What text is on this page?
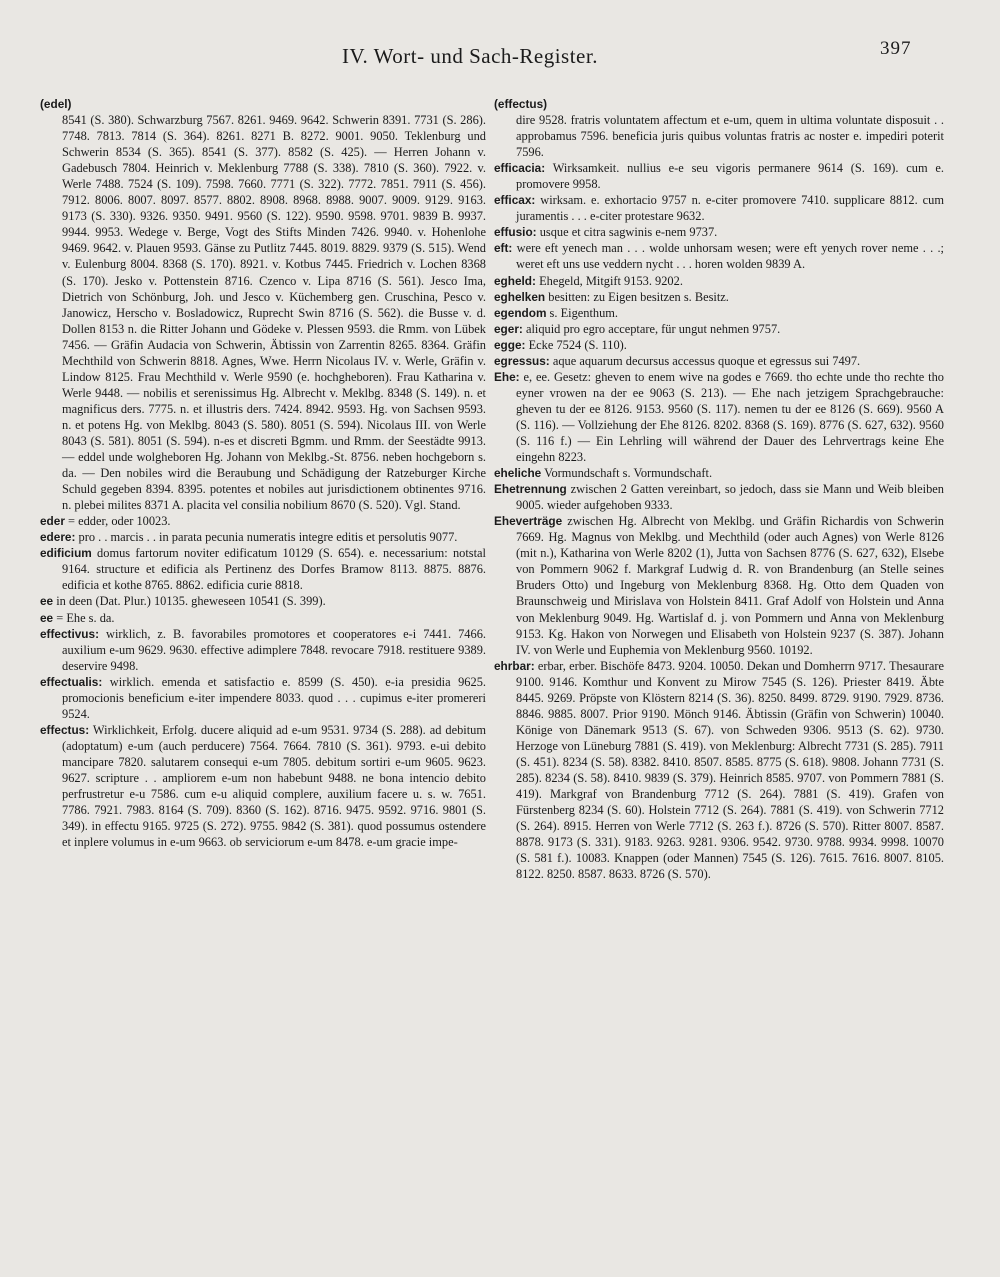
IV. Wort- und Sach-Register.	397

(edel)
8541 (S. 380). Schwarzburg 7567. 8261. 9469. 9642. Schwerin 8391. 7731 (S. 286). 7748. 7813. 7814 (S. 364). 8261. 8271 B. 8272. 9001. 9050. Teklenburg und Schwerin 8534 (S. 365). 8541 (S. 377). 8582 (S. 425). — Herren Johann v. Gadebusch 7804. Heinrich v. Meklenburg 7788 (S. 338). 7810 (S. 360). 7922. v. Werle 7488. 7524 (S. 109). 7598. 7660. 7771 (S. 322). 7772. 7851. 7911 (S. 456). 7912. 8006. 8007. 8097. 8577. 8802. 8908. 8968. 8988. 9007. 9009. 9129. 9163. 9173 (S. 330). 9326. 9350. 9491. 9560 (S. 122). 9590. 9598. 9701. 9839 B. 9937. 9944. 9953. Wedege v. Berge, Vogt des Stifts Minden 7426. 9940. v. Hohenlohe 9469. 9642. v. Plauen 9593. Gänse zu Putlitz 7445. 8019. 8829. 9379 (S. 515). Wend v. Eulenburg 8004. 8368 (S. 170). 8921. v. Kotbus 7445. Friedrich v. Lochen 8368 (S. 170). Jesko v. Pottenstein 8716. Czenco v. Lipa 8716 (S. 561). Jesco Ima, Dietrich von Schönburg, Joh. und Jesco v. Küchemberg gen. Cruschina, Pesco v. Janowicz, Herscho v. Bosladowicz, Ruprecht Swin 8716 (S. 562). die Busse v. d. Dollen 8153 n. die Ritter Johann und Gödeke v. Plessen 9593. die Rmm. von Lübek 7456. — Gräfin Audacia von Schwerin, Äbtissin von Zarrentin 8265. 8364. Gräfin Mechthild von Schwerin 8818. Agnes, Wwe. Herrn Nicolaus IV. v. Werle, Gräfin v. Lindow 8125. Frau Mechthild v. Werle 9590 (e. hochgheboren). Frau Katharina v. Werle 9448. — nobilis et serenissimus Hg. Albrecht v. Meklbg. 8348 (S. 149). n. et magnificus ders. 7775. n. et illustris ders. 7424. 8942. 9593. Hg. von Sachsen 9593. n. et potens Hg. von Meklbg. 8043 (S. 580). 8051 (S. 594). Nicolaus III. von Werle 8043 (S. 581). 8051 (S. 594). n-es et discreti Bgmm. und Rmm. der Seestädte 9913. — eddel unde wolgheboren Hg. Johann von Meklbg.-St. 8756. neben hochgeborn s. da. — Den nobiles wird die Beraubung und Schädigung der Ratzeburger Kirche Schuld gegeben 8394. 8395. potentes et nobiles aut jurisdictionem obtinentes 9716. n. plebei milites 8371 A. placita vel consilia nobilium 8670 (S. 520). Vgl. Stand.

eder = edder, oder 10023.

edere: pro . . marcis . . in parata pecunia numeratis integre editis et persolutis 9077.

edificium domus fartorum noviter edificatum 10129 (S. 654). e. necessarium: notstal 9164. structure et edificia als Pertinenz des Dorfes Bramow 8113. 8875. 8876. edificia et kothe 8765. 8862. edificia curie 8818.

ee in deen (Dat. Plur.) 10135. gheweseen 10541 (S. 399).

ee = Ehe s. da.

effectivus: wirklich, z. B. favorabiles promotores et cooperatores e-i 7441. 7466. auxilium e-um 9629. 9630. effective adimplere 7848. revocare 7918. restituere 9389. deservire 9498.

effectualis: wirklich. emenda et satisfactio e. 8599 (S. 450). e-ia presidia 9625. promocionis beneficium e-iter impendere 8033. quod . . . cupimus e-iter promereri 9524.

effectus: Wirklichkeit, Erfolg. ducere aliquid ad e-um 9531. 9734 (S. 288). ad debitum (adoptatum) e-um (auch perducere) 7564. 7664. 7810 (S. 361). 9793. e-ui debito mancipare 7820. salutarem consequi e-um 7805. debitum sortiri e-um 9605. 9623. 9627. scripture . . ampliorem e-um non habebunt 9488. ne bona intencio debito perfrustretur e-u 7586. cum e-u aliquid complere, auxilium facere u. s. w. 7651. 7786. 7921. 7983. 8164 (S. 709). 8360 (S. 162). 8716. 9475. 9592. 9716. 9801 (S. 349). in effectu 9165. 9725 (S. 272). 9755. 9842 (S. 381). quod possumus ostendere et inplere volumus in e-um 9663. ob serviciorum e-um 8478. e-um gracie impe-

(effectus)
dire 9528. fratris voluntatem affectum et e-um, quem in ultima voluntate disposuit . . approbamus 7596. beneficia juris quibus voluntas fratris ac noster e. impediri poterit 7596.

efficacia: Wirksamkeit. nullius e-e seu vigoris permanere 9614 (S. 169). cum e. promovere 9958.

efficax: wirksam. e. exhortacio 9757 n. e-citer promovere 7410. supplicare 8812. cum juramentis . . . e-citer protestare 9632.

effusio: usque et citra sagwinis e-nem 9737.

eft: were eft yenech man . . . wolde unhorsam wesen; were eft yenych rover neme . . .; weret eft uns use veddern nycht . . . horen wolden 9839 A.

egheld: Ehegeld, Mitgift 9153. 9202.

eghelken besitten: zu Eigen besitzen s. Besitz.

egendom s. Eigenthum.

eger: aliquid pro egro acceptare, für ungut nehmen 9757.

egge: Ecke 7524 (S. 110).

egressus: aque aquarum decursus accessus quoque et egressus sui 7497.

Ehe: e, ee. Gesetz: gheven to enem wive na godes e 7669. tho echte unde tho rechte tho eyner vrowen na der ee 9063 (S. 213). — Ehe nach jetzigem Sprachgebrauche: gheven tu der ee 8126. 9153. 9560 (S. 117). nemen tu der ee 8126 (S. 669). 9560 A (S. 116). — Vollziehung der Ehe 8126. 8202. 8368 (S. 169). 8776 (S. 627, 632). 9560 (S. 116 f.) — Ein Lehrling will während der Dauer des Lehrvertrags keine Ehe eingehn 8223.

eheliche Vormundschaft s. Vormundschaft.

Ehetrennung zwischen 2 Gatten vereinbart, so jedoch, dass sie Mann und Weib bleiben 9005. wieder aufgehoben 9333.

Eheverträge zwischen Hg. Albrecht von Meklbg. und Gräfin Richardis von Schwerin 7669. Hg. Magnus von Meklbg. und Mechthild (oder auch Agnes) von Werle 8126 (mit n.), Katharina von Werle 8202 (1), Jutta von Sachsen 8776 (S. 627, 632), Elsebe von Pommern 9062 f. Markgraf Ludwig d. R. von Brandenburg (an Stelle seines Bruders Otto) und Ingeburg von Meklenburg 8368. Hg. Otto dem Quaden von Braunschweig und Mirislava von Holstein 8411. Graf Adolf von Holstein und Anna von Meklenburg 9049. Hg. Wartislaf d. j. von Pommern und Anna von Meklenburg 9153. Kg. Hakon von Norwegen und Elisabeth von Holstein 9237 (S. 387). Johann IV. von Werle und Euphemia von Meklenburg 9560. 10192.

ehrbar: erbar, erber. Bischöfe 8473. 9204. 10050. Dekan und Domherrn 9717. Thesaurare 9100. 9146. Komthur und Konvent zu Mirow 7545 (S. 126). Priester 8419. Äbte 8445. 9269. Pröpste von Klöstern 8214 (S. 36). 8250. 8499. 8729. 9190. 7929. 8736. 8846. 9885. 8007. Prior 9190. Mönch 9146. Äbtissin (Gräfin von Schwerin) 10040. Könige von Dänemark 9513 (S. 67). von Schweden 9306. 9513 (S. 62). 9730. Herzoge von Lüneburg 7881 (S. 419). von Meklenburg: Albrecht 7731 (S. 285). 7911 (S. 451). 8234 (S. 58). 8382. 8410. 8507. 8585. 8775 (S. 618). 9808. Johann 7731 (S. 285). 8234 (S. 58). 8410. 9839 (S. 379). Heinrich 8585. 9707. von Pommern 7881 (S. 419). Markgraf von Brandenburg 7712 (S. 264). 7881 (S. 419). Grafen von Fürstenberg 8234 (S. 60). Holstein 7712 (S. 264). 7881 (S. 419). von Schwerin 7712 (S. 264). 8915. Herren von Werle 7712 (S. 263 f.). 8726 (S. 570). Ritter 8007. 8587. 8878. 9173 (S. 331). 9183. 9263. 9281. 9306. 9542. 9730. 9788. 9934. 9998. 10070 (S. 581 f.). 10083. Knappen (oder Mannen) 7545 (S. 126). 7615. 7616. 8007. 8105. 8122. 8250. 8587. 8633. 8726 (S. 570).
